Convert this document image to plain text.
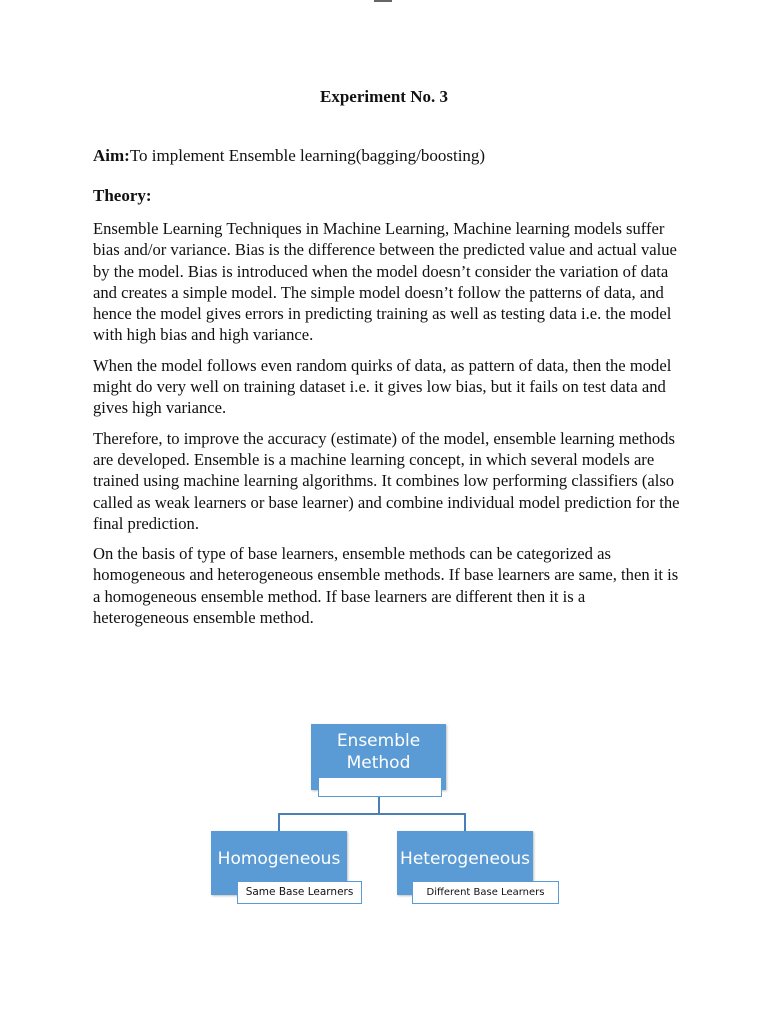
Experiment No. 3
Aim:To implement Ensemble learning(bagging/boosting)
Theory:

Ensemble Learning Techniques in Machine Learning, Machine learning models suffer bias and/or variance. Bias is the difference between the predicted value and actual value by the model. Bias is introduced when the model doesn’t consider the variation of data and creates a simple model. The simple model doesn’t follow the patterns of data, and hence the model gives errors in predicting training as well as testing data i.e. the model with high bias and high variance.

When the model follows even random quirks of data, as pattern of data, then the model might do very well on training dataset i.e. it gives low bias, but it fails on test data and gives high variance.

Therefore, to improve the accuracy (estimate) of the model, ensemble learning methods are developed. Ensemble is a machine learning concept, in which several models are trained using machine learning algorithms. It combines low performing classifiers (also called as weak learners or base learner) and combine individual model prediction for the final prediction.

On the basis of type of base learners, ensemble methods can be categorized as homogeneous and heterogeneous ensemble methods. If base learners are same, then it is a homogeneous ensemble method. If base learners are different then it is a heterogeneous ensemble method.

Ensemble
Method
Homogeneous
Same Base Learners
Heterogeneous
Different Base Learners
